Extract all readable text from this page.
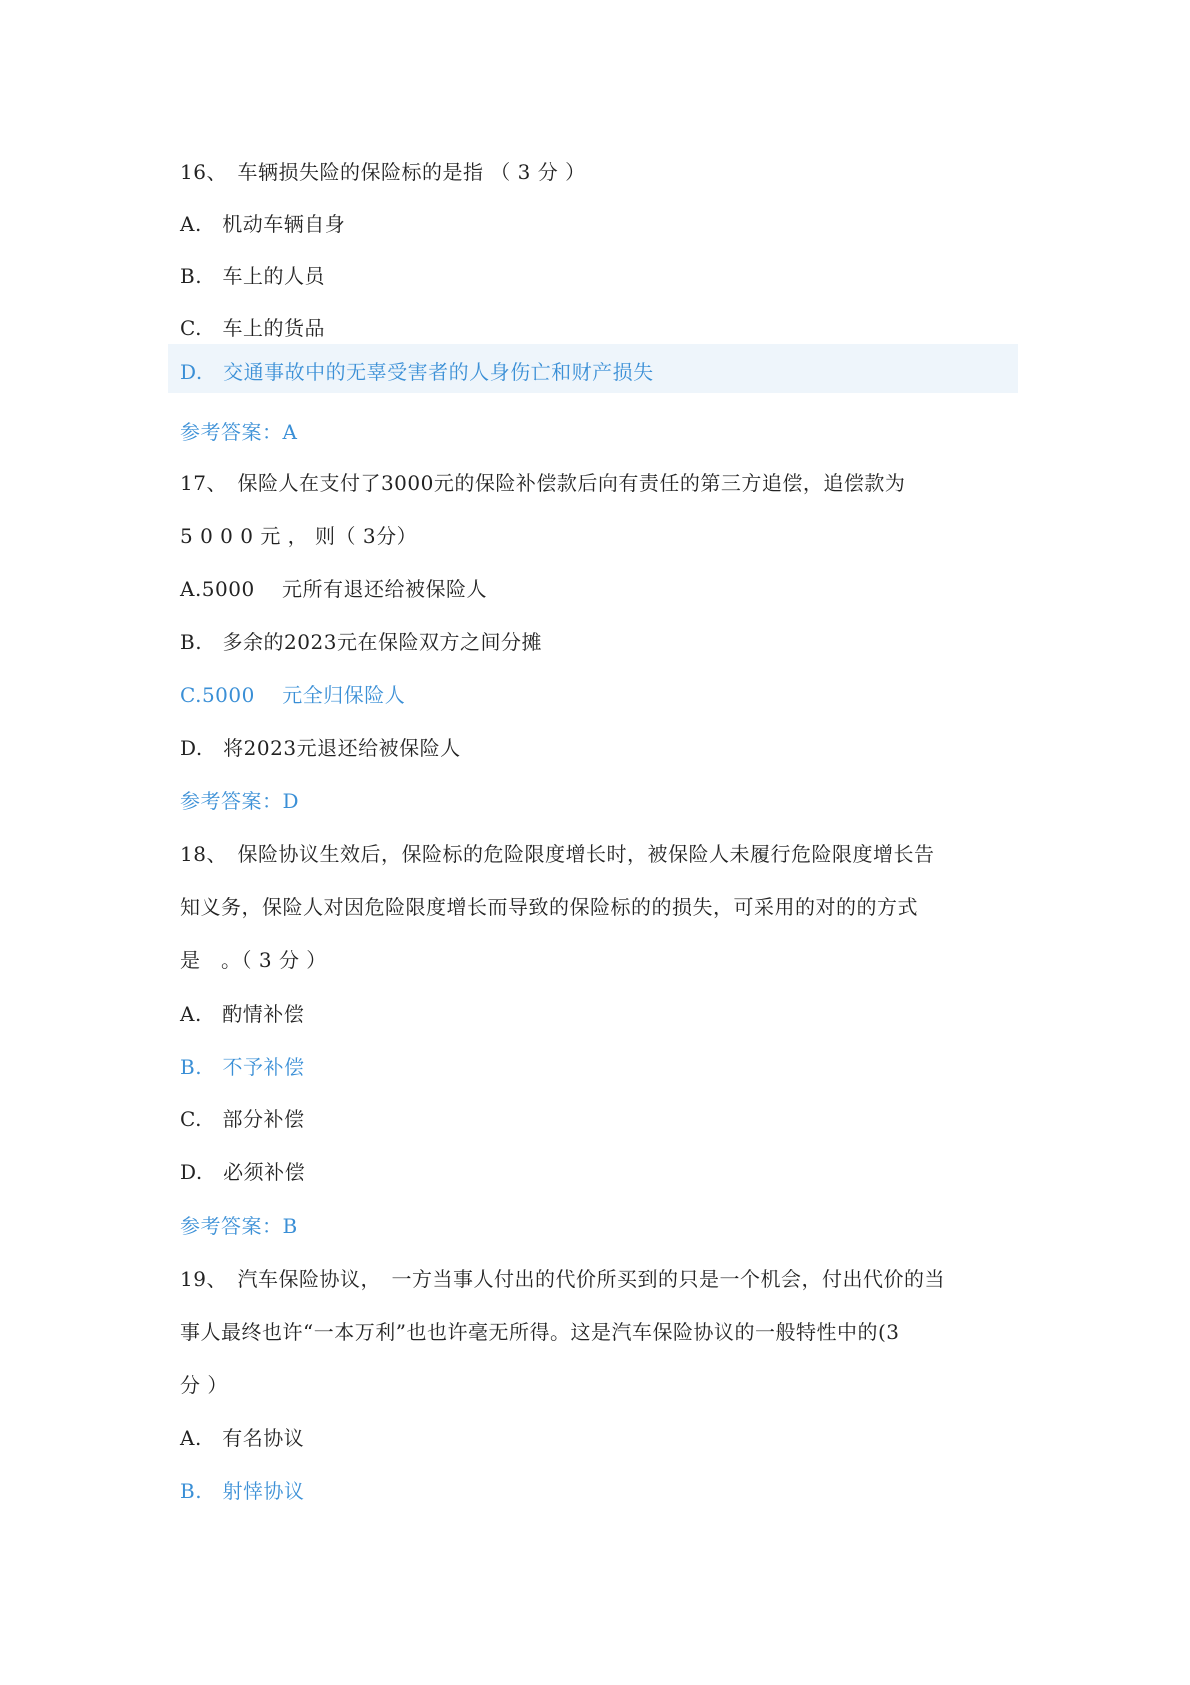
16、　车辆损失险的保险标的是指 （ 3 分 ）
A.　机动车辆自身
B.　车上的人员
C.　车上的货品
D.　交通事故中的无辜受害者的人身伤亡和财产损失
参考答案：A
17、　保险人在支付了3000元的保险补偿款后向有责任的第三方追偿，追偿款为
5 0 0 0 元 ， 则（ 3分）
A.5000　 元所有退还给被保险人
B.　多余的2023元在保险双方之间分摊
C.5000　 元全归保险人
D.　将2023元退还给被保险人
参考答案：D
18、　保险协议生效后，保险标的危险限度增长时，被保险人未履行危险限度增长告
知义务，保险人对因危险限度增长而导致的保险标的的损失，可采用的对的的方式
是　。（ 3 分 ）
A.　酌情补偿
B.　不予补偿
C.　部分补偿
D.　必须补偿
参考答案：B
19、　汽车保险协议，　一方当事人付出的代价所买到的只是一个机会，付出代价的当
事人最终也许“一本万利”也也许毫无所得。这是汽车保险协议的一般特性中的(3
分 ）
A.　有名协议
B.　射悻协议
